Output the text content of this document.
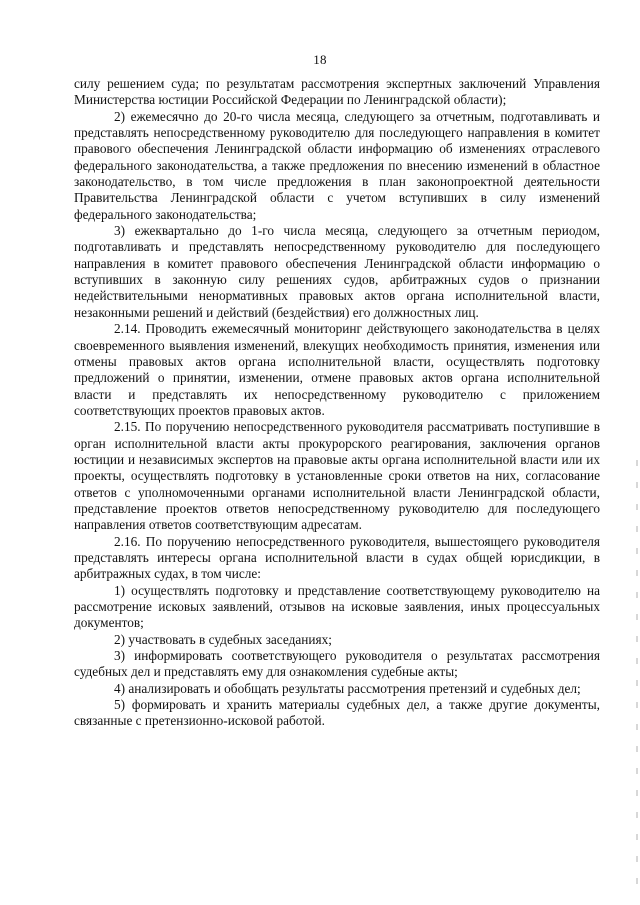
18

силу решением суда; по результатам рассмотрения экспертных заключений Управления Министерства юстиции Российской Федерации по Ленинградской области);

2) ежемесячно до 20-го числа месяца, следующего за отчетным, подготавливать и представлять непосредственному руководителю для последующего направления в комитет правового обеспечения Ленинградской области информацию об изменениях отраслевого федерального законодательства, а также предложения по внесению изменений в областное законодательство, в том числе предложения в план законопроектной деятельности Правительства Ленинградской области с учетом вступивших в силу изменений федерального законодательства;

3) ежеквартально до 1-го числа месяца, следующего за отчетным периодом, подготавливать и представлять непосредственному руководителю для последующего направления в комитет правового обеспечения Ленинградской области информацию о вступивших в законную силу решениях судов, арбитражных судов о признании недействительными ненормативных правовых актов органа исполнительной власти, незаконными решений и действий (бездействия) его должностных лиц.

2.14. Проводить ежемесячный мониторинг действующего законодательства в целях своевременного выявления изменений, влекущих необходимость принятия, изменения или отмены правовых актов органа исполнительной власти, осуществлять подготовку предложений о принятии, изменении, отмене правовых актов органа исполнительной власти и представлять их непосредственному руководителю с приложением соответствующих проектов правовых актов.

2.15. По поручению непосредственного руководителя рассматривать поступившие в орган исполнительной власти акты прокурорского реагирования, заключения органов юстиции и независимых экспертов на правовые акты органа исполнительной власти или их проекты, осуществлять подготовку в установленные сроки ответов на них, согласование ответов с уполномоченными органами исполнительной власти Ленинградской области, представление проектов ответов непосредственному руководителю для последующего направления ответов соответствующим адресатам.

2.16. По поручению непосредственного руководителя, вышестоящего руководителя представлять интересы органа исполнительной власти в судах общей юрисдикции, в арбитражных судах, в том числе:

1) осуществлять подготовку и представление соответствующему руководителю на рассмотрение исковых заявлений, отзывов на исковые заявления, иных процессуальных документов;

2) участвовать в судебных заседаниях;

3) информировать соответствующего руководителя о результатах рассмотрения судебных дел и представлять ему для ознакомления судебные акты;

4) анализировать и обобщать результаты рассмотрения претензий и судебных дел;

5) формировать и хранить материалы судебных дел, а также другие документы, связанные с претензионно-исковой работой.
